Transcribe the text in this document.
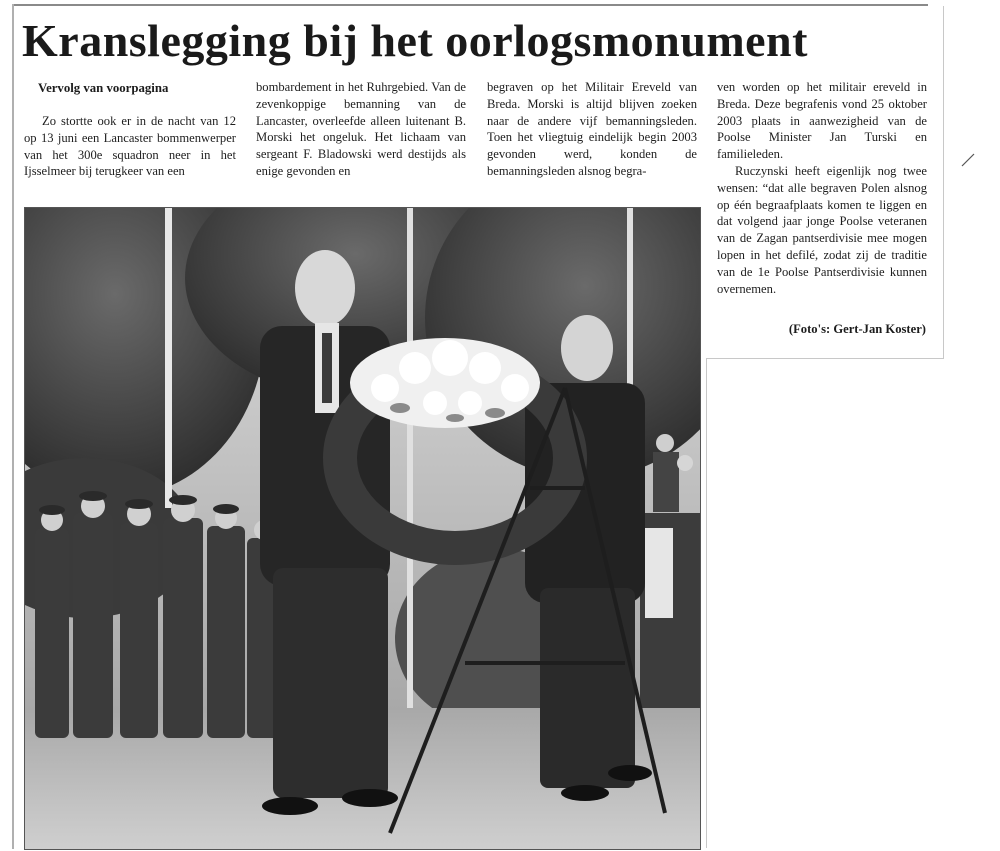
Kranslegging bij het oorlogsmonument
Vervolg van voorpagina

Zo stortte ook er in de nacht van 12 op 13 juni een Lancaster bommenwerper van het 300e squadron neer in het Ijsselmeer bij terugkeer van een

bombardement in het Ruhrgebied. Van de zevenkoppige bemanning van de Lancaster, overleefde alleen luitenant B. Morski het ongeluk. Het lichaam van sergeant F. Bladowski werd destijds als enige gevonden en

begraven op het Militair Ereveld van Breda. Morski is altijd blijven zoeken naar de andere vijf bemanningsleden. Toen het vliegtuig eindelijk begin 2003 gevonden werd, konden de bemanningsleden alsnog begra-

ven worden op het militair ereveld in Breda. Deze begrafenis vond 25 oktober 2003 plaats in aanwezigheid van de Poolse Minister Jan Turski en familieleden.

Ruczynski heeft eigenlijk nog twee wensen: “dat alle begraven Polen alsnog op één begraafplaats komen te liggen en dat volgend jaar jonge Poolse veteranen van de Zagan pantserdivisie mee mogen lopen in het defilé, zodat zij de traditie van de 1e Poolse Pantserdivisie kunnen overnemen.

(Foto's: Gert-Jan Koster)
